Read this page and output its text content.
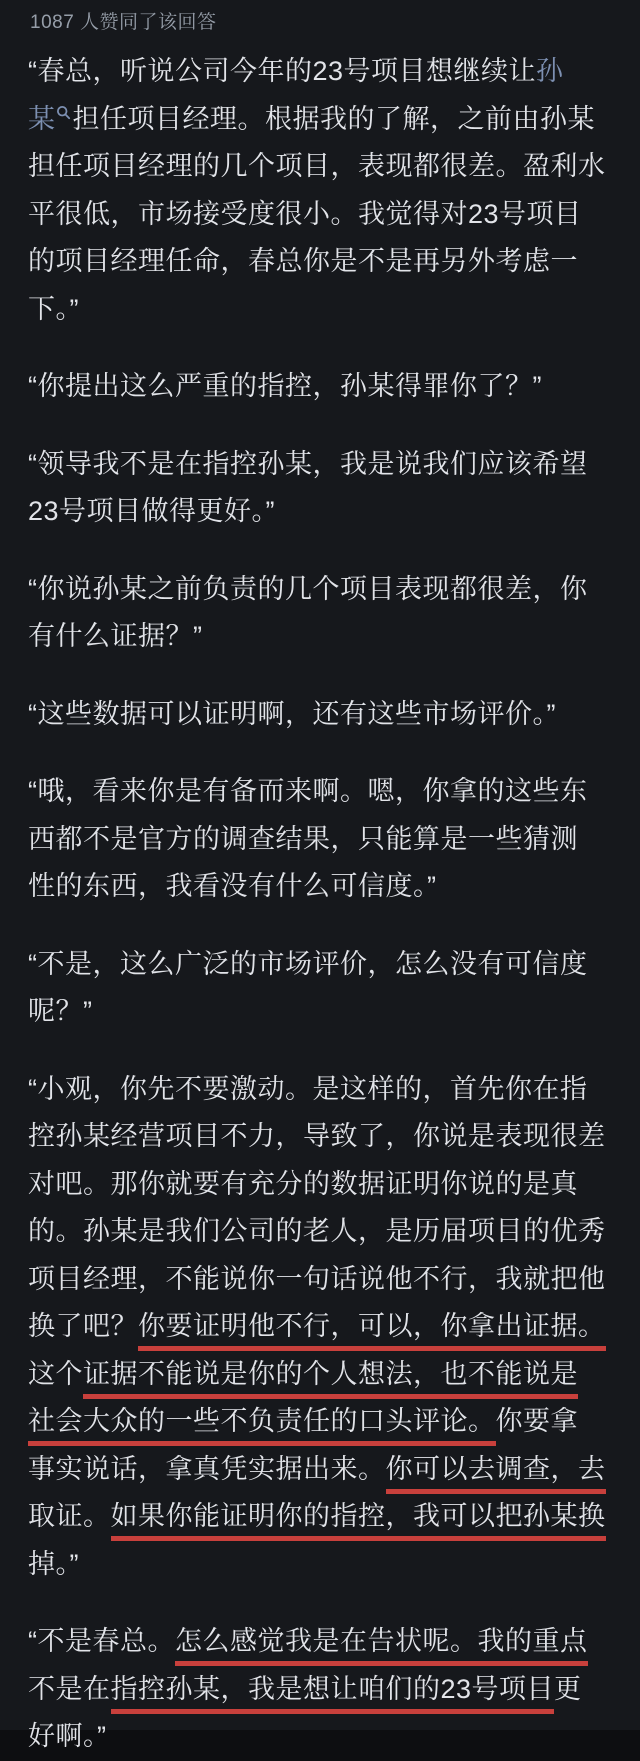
1087 人赞同了该回答
“春总，听说公司今年的23号项目想继续让孙
某 担任项目经理。根据我的了解，之前由孙某
担任项目经理的几个项目，表现都很差。盈利水
平很低，市场接受度很小。我觉得对23号项目
的项目经理任命，春总你是不是再另外考虑一
下。”
“你提出这么严重的指控，孙某得罪你了？”
“领导我不是在指控孙某，我是说我们应该希望
23号项目做得更好。”
“你说孙某之前负责的几个项目表现都很差，你
有什么证据？”
“这些数据可以证明啊，还有这些市场评价。”
“哦，看来你是有备而来啊。嗯，你拿的这些东
西都不是官方的调查结果，只能算是一些猜测
性的东西，我看没有什么可信度。”
“不是，这么广泛的市场评价，怎么没有可信度
呢？”
“小观，你先不要激动。是这样的，首先你在指
控孙某经营项目不力，导致了，你说是表现很差
对吧。那你就要有充分的数据证明你说的是真
的。孙某是我们公司的老人，是历届项目的优秀
项目经理，不能说你一句话说他不行，我就把他
换了吧？你要证明他不行，可以，你拿出证据。
这个证据不能说是你的个人想法，也不能说是
社会大众的一些不负责任的口头评论。你要拿
事实说话，拿真凭实据出来。你可以去调查，去
取证。如果你能证明你的指控，我可以把孙某换
掉。”
“不是春总。怎么感觉我是在告状呢。我的重点
不是在指控孙某，我是想让咱们的23号项目更
好啊。”
